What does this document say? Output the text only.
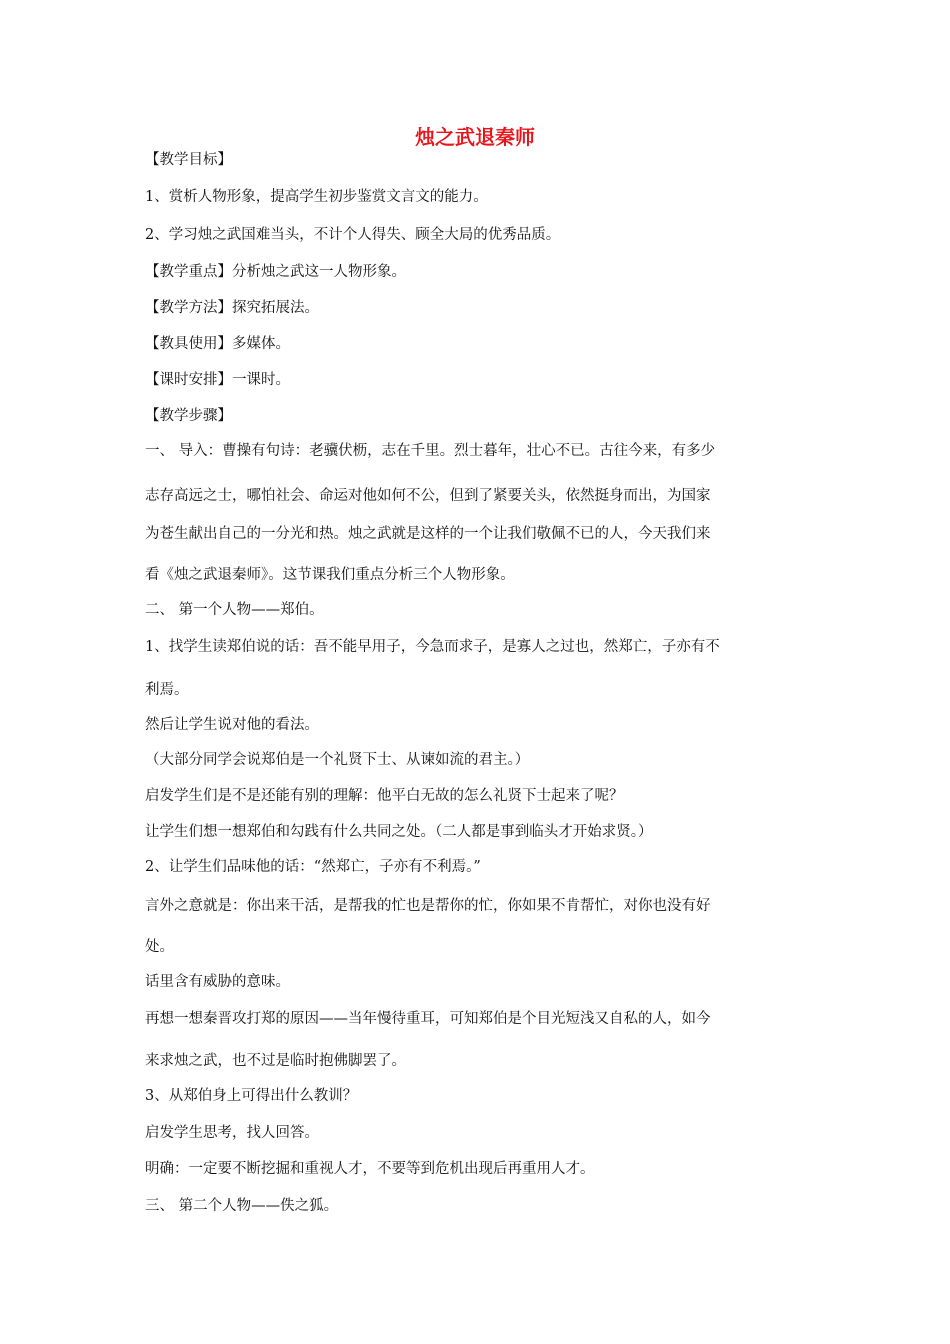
烛之武退秦师
【教学目标】
1、赏析人物形象，提高学生初步鉴赏文言文的能力。
2、学习烛之武国难当头，不计个人得失、顾全大局的优秀品质。
【教学重点】分析烛之武这一人物形象。
【教学方法】探究拓展法。
【教具使用】多媒体。
【课时安排】一课时。
【教学步骤】
一、 导入：曹操有句诗：老骥伏枥，志在千里。烈士暮年，壮心不已。古往今来，有多少
志存高远之士，哪怕社会、命运对他如何不公，但到了紧要关头，依然挺身而出，为国家
为苍生献出自己的一分光和热。烛之武就是这样的一个让我们敬佩不已的人，今天我们来
看《烛之武退秦师》。这节课我们重点分析三个人物形象。
二、 第一个人物——郑伯。
1、找学生读郑伯说的话：吾不能早用子，今急而求子，是寡人之过也，然郑亡，子亦有不
利焉。
然后让学生说对他的看法。
（大部分同学会说郑伯是一个礼贤下士、从谏如流的君主。）
启发学生们是不是还能有别的理解：他平白无故的怎么礼贤下士起来了呢？
让学生们想一想郑伯和勾践有什么共同之处。（二人都是事到临头才开始求贤。）
2、让学生们品味他的话：“然郑亡，子亦有不利焉。”
言外之意就是：你出来干活，是帮我的忙也是帮你的忙，你如果不肯帮忙，对你也没有好
处。
话里含有威胁的意味。
再想一想秦晋攻打郑的原因——当年慢待重耳，可知郑伯是个目光短浅又自私的人，如今
来求烛之武，也不过是临时抱佛脚罢了。
3、从郑伯身上可得出什么教训？
启发学生思考，找人回答。
明确：一定要不断挖掘和重视人才，不要等到危机出现后再重用人才。
三、 第二个人物——佚之狐。
